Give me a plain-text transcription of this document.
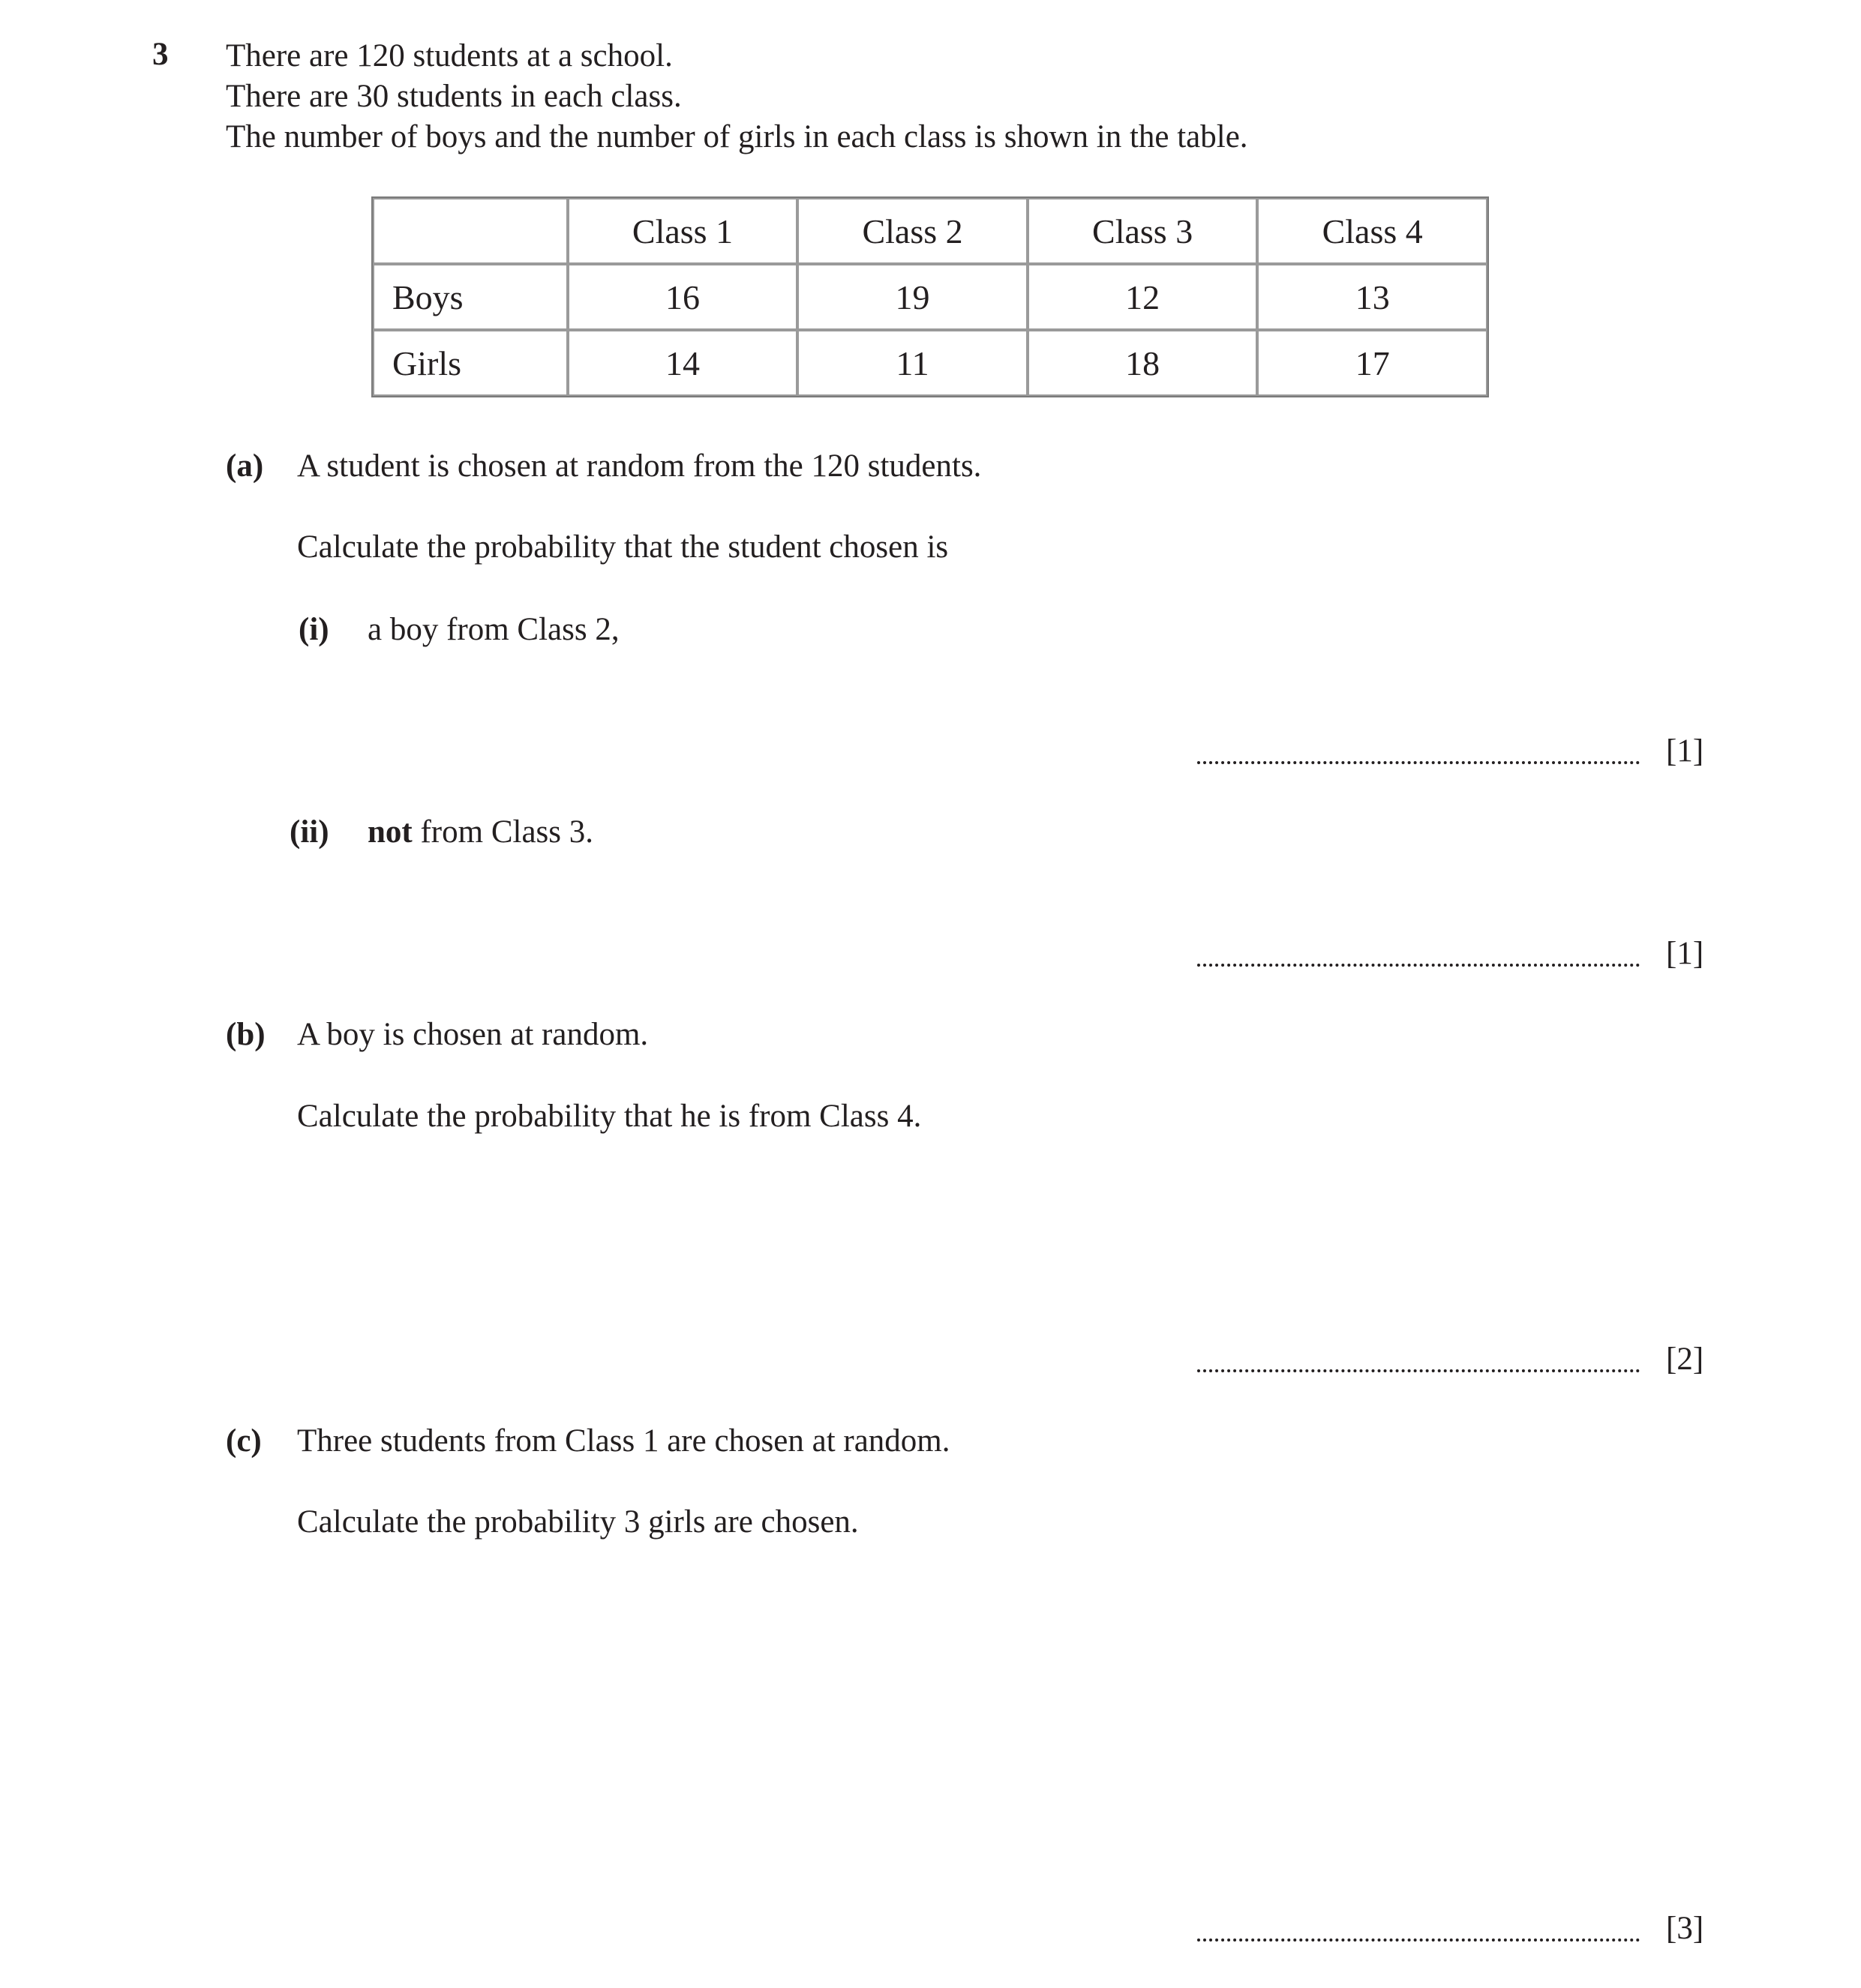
3 There are 120 students at a school.
There are 30 students in each class.
The number of boys and the number of girls in each class is shown in the table.
	Class 1	Class 2	Class 3	Class 4
Boys	16	19	12	13
Girls	14	11	18	17
(a) A student is chosen at random from the 120 students.
Calculate the probability that the student chosen is
(i) a boy from Class 2,
[1]
(ii) not from Class 3.
[1]
(b) A boy is chosen at random.
Calculate the probability that he is from Class 4.
[2]
(c) Three students from Class 1 are chosen at random.
Calculate the probability 3 girls are chosen.
[3]
